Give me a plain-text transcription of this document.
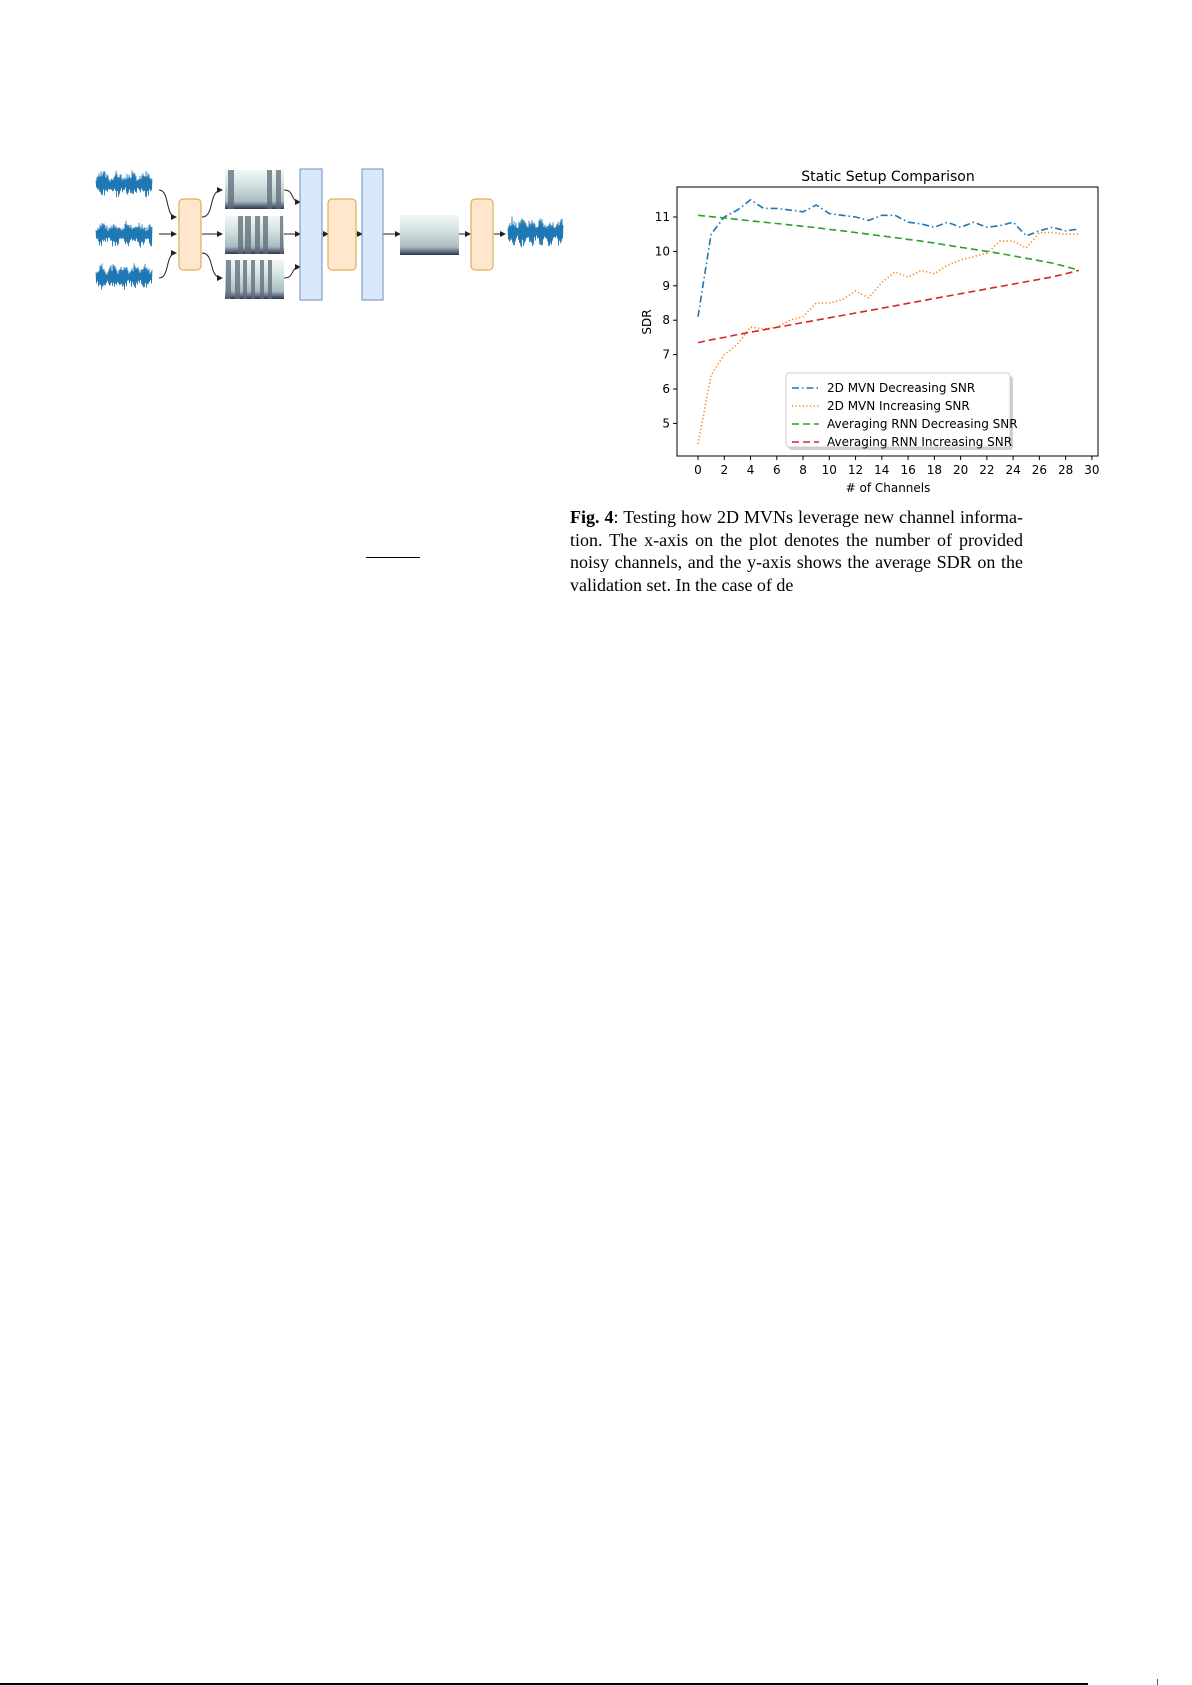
Static Setup Comparison
0 2 4 6 8 10 12 14 16 18 20 22 24 26 28 30
5
6
7
8
9
10
11
# of Channels
SDR
2D MVN Decreasing SNR
2D MVN Increasing SNR
Averaging RNN Decreasing SNR
Averaging RNN Increasing SNR
Fig. 4: Testing how 2D MVNs leverage new channel informa-
tion. The x-axis on the plot denotes the number of provided
noisy channels, and the y-axis shows the average SDR on the
validation set. In the case of de
